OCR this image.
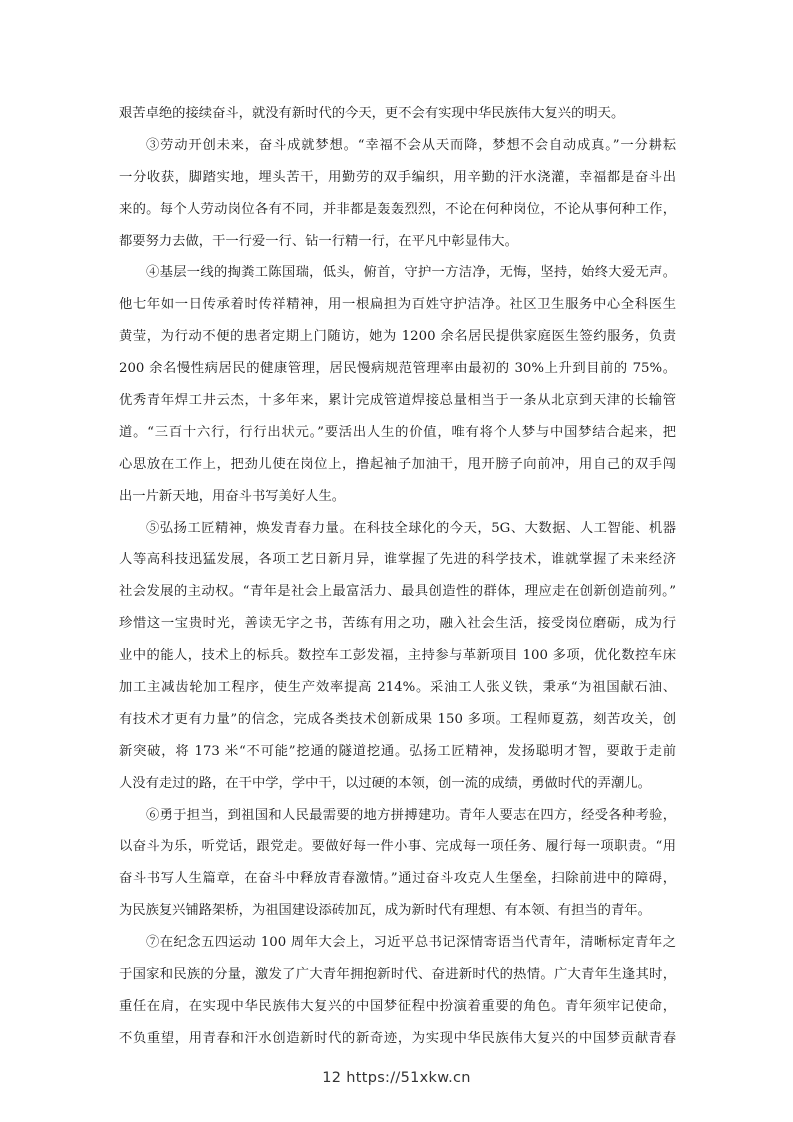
艰苦卓绝的接续奋斗，就没有新时代的今天，更不会有实现中华民族伟大复兴的明天。
③劳动开创未来，奋斗成就梦想。“幸福不会从天而降，梦想不会自动成真。”一分耕耘
一分收获，脚踏实地，埋头苦干，用勤劳的双手编织，用辛勤的汗水浇灌，幸福都是奋斗出
来的。每个人劳动岗位各有不同，并非都是轰轰烈烈，不论在何种岗位，不论从事何种工作，
都要努力去做，干一行爱一行、钻一行精一行，在平凡中彰显伟大。
④基层一线的掏粪工陈国瑞，低头，俯首，守护一方洁净，无悔，坚持，始终大爱无声。
他七年如一日传承着时传祥精神，用一根扁担为百姓守护洁净。社区卫生服务中心全科医生
黄莹，为行动不便的患者定期上门随访，她为 1200 余名居民提供家庭医生签约服务，负责
200 余名慢性病居民的健康管理，居民慢病规范管理率由最初的 30%上升到目前的 75%。
优秀青年焊工井云杰，十多年来，累计完成管道焊接总量相当于一条从北京到天津的长输管
道。“三百十六行，行行出状元。”要活出人生的价值，唯有将个人梦与中国梦结合起来，把
心思放在工作上，把劲儿使在岗位上，撸起袖子加油干，甩开膀子向前冲，用自己的双手闯
出一片新天地，用奋斗书写美好人生。
⑤弘扬工匠精神，焕发青春力量。在科技全球化的今天，5G、大数据、人工智能、机器
人等高科技迅猛发展，各项工艺日新月异，谁掌握了先进的科学技术，谁就掌握了未来经济
社会发展的主动权。“青年是社会上最富活力、最具创造性的群体，理应走在创新创造前列。”
珍惜这一宝贵时光，善读无字之书，苦练有用之功，融入社会生活，接受岗位磨砺，成为行
业中的能人，技术上的标兵。数控车工彭发福，主持参与革新项目 100 多项，优化数控车床
加工主减齿轮加工程序，使生产效率提高 214%。采油工人张义铁，秉承“为祖国献石油、
有技术才更有力量”的信念，完成各类技术创新成果 150 多项。工程师夏荔，刻苦攻关，创
新突破，将 173 米“不可能”挖通的隧道挖通。弘扬工匠精神，发扬聪明才智，要敢于走前
人没有走过的路，在干中学，学中干，以过硬的本领，创一流的成绩，勇做时代的弄潮儿。
⑥勇于担当，到祖国和人民最需要的地方拼搏建功。青年人要志在四方，经受各种考验，
以奋斗为乐，听党话，跟党走。要做好每一件小事、完成每一项任务、履行每一项职责。“用
奋斗书写人生篇章，在奋斗中释放青春激情。”通过奋斗攻克人生堡垒，扫除前进中的障碍，
为民族复兴铺路架桥，为祖国建设添砖加瓦，成为新时代有理想、有本领、有担当的青年。
⑦在纪念五四运动 100 周年大会上，习近平总书记深情寄语当代青年，清晰标定青年之
于国家和民族的分量，激发了广大青年拥抱新时代、奋进新时代的热情。广大青年生逢其时，
重任在肩，在实现中华民族伟大复兴的中国梦征程中扮演着重要的角色。青年须牢记使命，
不负重望，用青春和汗水创造新时代的新奇迹，为实现中华民族伟大复兴的中国梦贡献青春
12 https://51xkw.cn
